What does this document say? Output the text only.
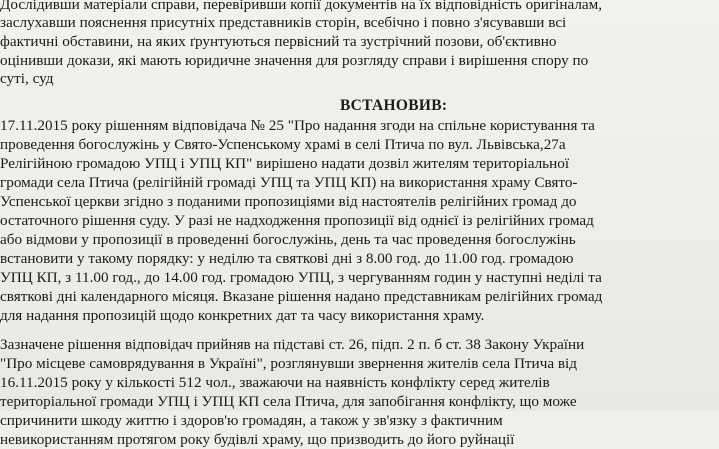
Дослідивши матеріали справи, перевіривши копії документів на їх відповідність оригіналам,
заслухавши пояснення присутніх представників сторін, всебічно і повно з'ясувавши всі
фактичні обставини, на яких ґрунтуються первісний та зустрічний позови, об'єктивно
оцінивши докази, які мають юридичне значення для розгляду справи і вирішення спору по
суті, суд
ВСТАНОВИВ:
17.11.2015 року рішенням відповідача № 25 "Про надання згоди на спільне користування та
проведення богослужінь у Свято-Успенському храмі в селі Птича по вул. Львівська,27а
Релігійною громадою УПЦ і УПЦ КП" вирішено надати дозвіл жителям територіальної
громади села Птича (релігійній громаді УПЦ та УПЦ КП) на використання храму Свято-
Успенської церкви згідно з поданими пропозиціями від настоятелів релігійних громад до
остаточного рішення суду. У разі не надходження пропозиції від однієї із релігійних громад
або відмови у пропозиції в проведенні богослужінь, день та час проведення богослужінь
встановити у такому порядку: у неділю та святкові дні з 8.00 год. до 11.00 год. громадою
УПЦ КП, з 11.00 год., до 14.00 год. громадою УПЦ, з чергуванням годин у наступні неділі та
святкові дні календарного місяця. Вказане рішення надано представникам релігійних громад
для надання пропозицій щодо конкретних дат та часу використання храму.
Зазначене рішення відповідач прийняв на підставі ст. 26, підп. 2 п. б ст. 38 Закону України
"Про місцеве самоврядування в Україні", розглянувши звернення жителів села Птича від
16.11.2015 року у кількості 512 чол., зважаючи на наявність конфлікту серед жителів
територіальної громади УПЦ і УПЦ КП села Птича, для запобігання конфлікту, що може
спричинити шкоду життю і здоров'ю громадян, а також у зв'язку з фактичним
невикористанням протягом року будівлі храму, що призводить до його руйнації
